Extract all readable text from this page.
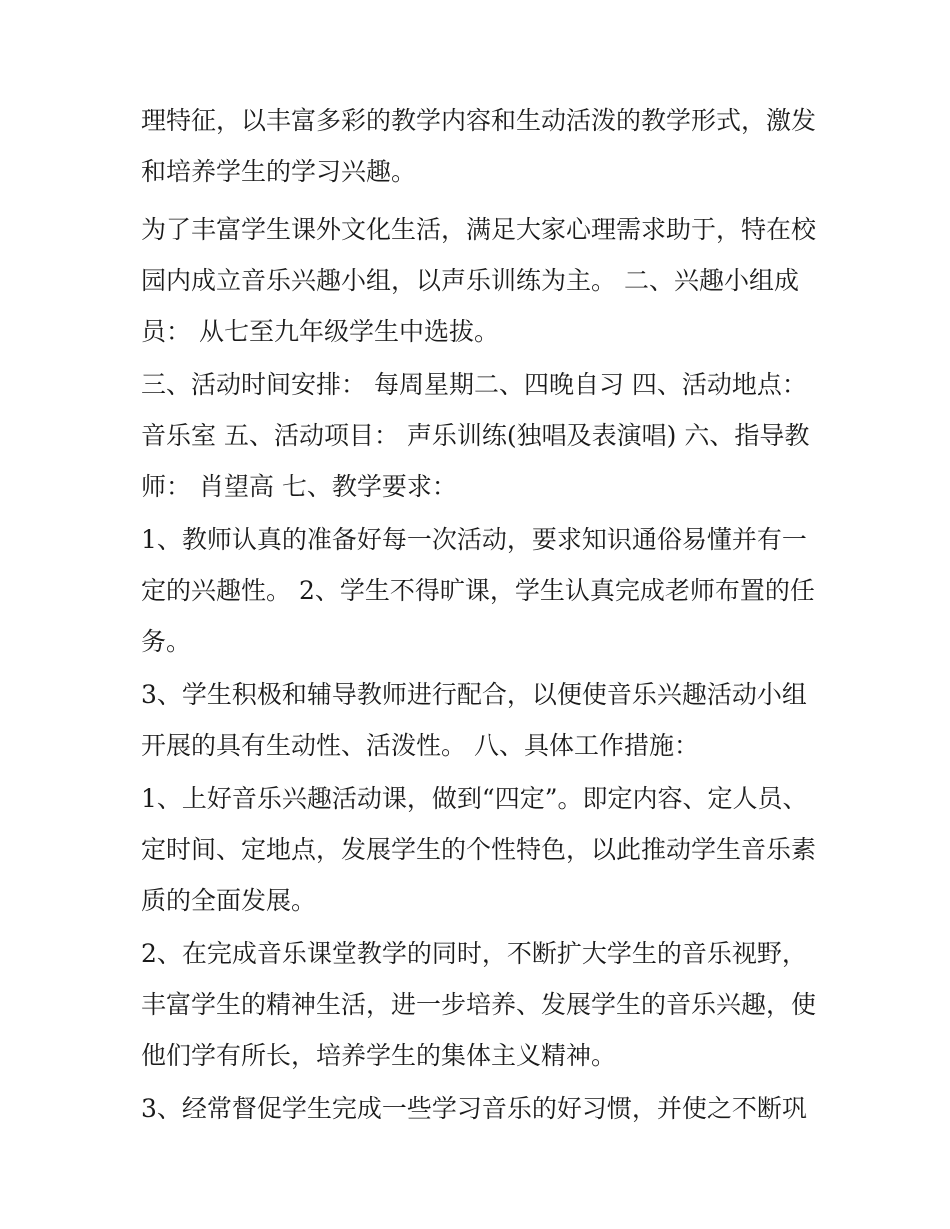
理特征，以丰富多彩的教学内容和生动活泼的教学形式，激发
和培养学生的学习兴趣。
为了丰富学生课外文化生活，满足大家心理需求助于，特在校
园内成立音乐兴趣小组，以声乐训练为主。 二、兴趣小组成
员： 从七至九年级学生中选拔。
三、活动时间安排： 每周星期二、四晚自习 四、活动地点：
音乐室 五、活动项目： 声乐训练(独唱及表演唱) 六、指导教
师： 肖望高 七、教学要求：
1、教师认真的准备好每一次活动，要求知识通俗易懂并有一
定的兴趣性。 2、学生不得旷课，学生认真完成老师布置的任
务。
3、学生积极和辅导教师进行配合，以便使音乐兴趣活动小组
开展的具有生动性、活泼性。 八、具体工作措施：
1、上好音乐兴趣活动课，做到“四定”。即定内容、定人员、
定时间、定地点，发展学生的个性特色，以此推动学生音乐素
质的全面发展。
2、在完成音乐课堂教学的同时，不断扩大学生的音乐视野，
丰富学生的精神生活，进一步培养、发展学生的音乐兴趣，使
他们学有所长，培养学生的集体主义精神。
3、经常督促学生完成一些学习音乐的好习惯，并使之不断巩
